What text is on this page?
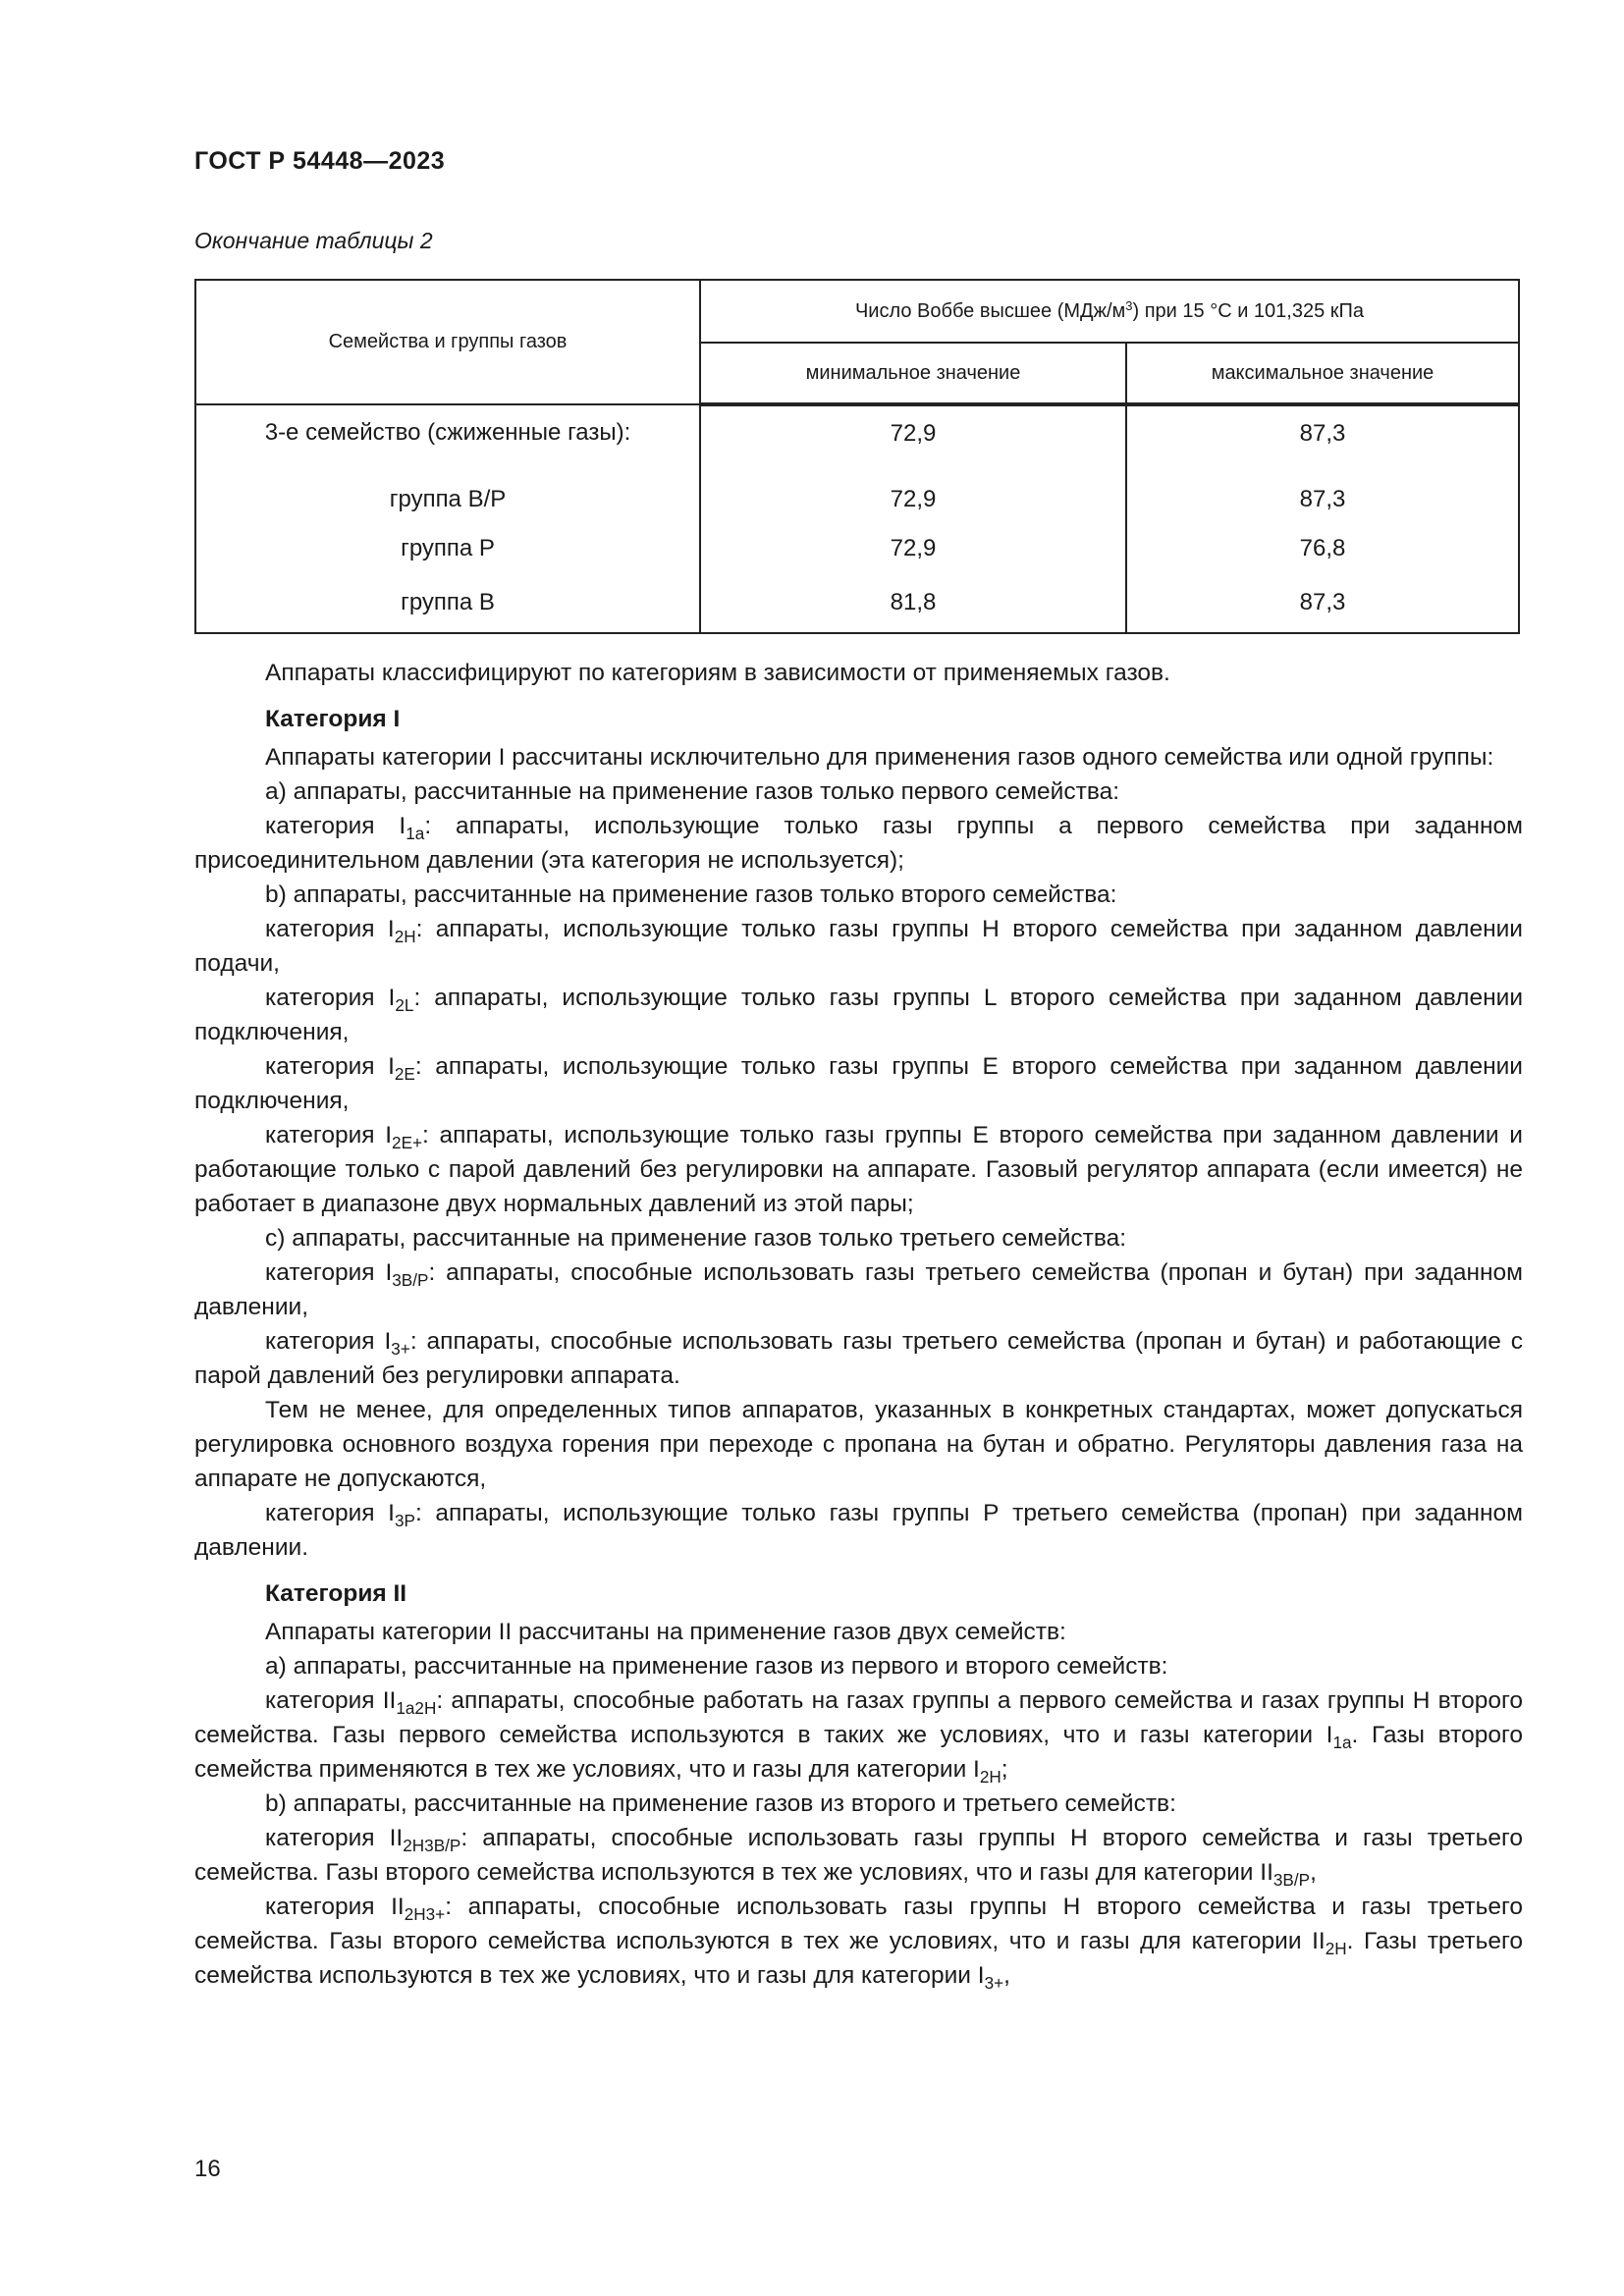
ГОСТ Р 54448—2023
Окончание таблицы 2
Семейства и группы газов	Число Воббе высшее $(МДж/м^3)$ при 15 °С и 101,325 кПа	
	минимальное значение	максимальное значение
3-е семейство (сжиженные газы):	72,9	87,3
группа В/Р	72,9	87,3
группа Р	72,9	76,8
группа В	81,8	87,3

Аппараты классифицируют по категориям в зависимости от применяемых газов.

Категория I

Аппараты категории I рассчитаны исключительно для применения газов одного семейства или одной группы:

a) аппараты, рассчитанные на применение газов только первого семейства:

категория $I_{1a}$: аппараты, использующие только газы группы а первого семейства при заданном присоединительном давлении (эта категория не используется);

b) аппараты, рассчитанные на применение газов только второго семейства:

категория $I_{2H}$: аппараты, использующие только газы группы Н второго семейства при заданном давлении подачи,

категория $I_{2L}$: аппараты, использующие только газы группы L второго семейства при заданном давлении подключения,

категория $I_{2E}$: аппараты, использующие только газы группы Е второго семейства при заданном давлении подключения,

категория $I_{2E+}$: аппараты, использующие только газы группы Е второго семейства при заданном давлении и работающие только с парой давлений без регулировки на аппарате. Газовый регулятор аппарата (если имеется) не работает в диапазоне двух нормальных давлений из этой пары;

c) аппараты, рассчитанные на применение газов только третьего семейства:

категория $I_{3B/P}$: аппараты, способные использовать газы третьего семейства (пропан и бутан) при заданном давлении,

категория $I_{3+}$: аппараты, способные использовать газы третьего семейства (пропан и бутан) и работающие с парой давлений без регулировки аппарата.

Тем не менее, для определенных типов аппаратов, указанных в конкретных стандартах, может допускаться регулировка основного воздуха горения при переходе с пропана на бутан и обратно. Регуляторы давления газа на аппарате не допускаются,

категория $I_{3P}$: аппараты, использующие только газы группы Р третьего семейства (пропан) при заданном давлении.

Категория II

Аппараты категории II рассчитаны на применение газов двух семейств:

a) аппараты, рассчитанные на применение газов из первого и второго семейств:

категория $II_{1a2H}$: аппараты, способные работать на газах группы а первого семейства и газах группы Н второго семейства. Газы первого семейства используются в таких же условиях, что и газы категории $I_{1a}$. Газы второго семейства применяются в тех же условиях, что и газы для категории $I_{2H}$;

b) аппараты, рассчитанные на применение газов из второго и третьего семейств:

категория $II_{2H3B/P}$: аппараты, способные использовать газы группы Н второго семейства и газы третьего семейства. Газы второго семейства используются в тех же условиях, что и газы для категории $II_{3B/P}$,

категория $II_{2H3+}$: аппараты, способные использовать газы группы Н второго семейства и газы третьего семейства. Газы второго семейства используются в тех же условиях, что и газы для категории $II_{2H}$. Газы третьего семейства используются в тех же условиях, что и газы для категории $I_{3+}$,

16
